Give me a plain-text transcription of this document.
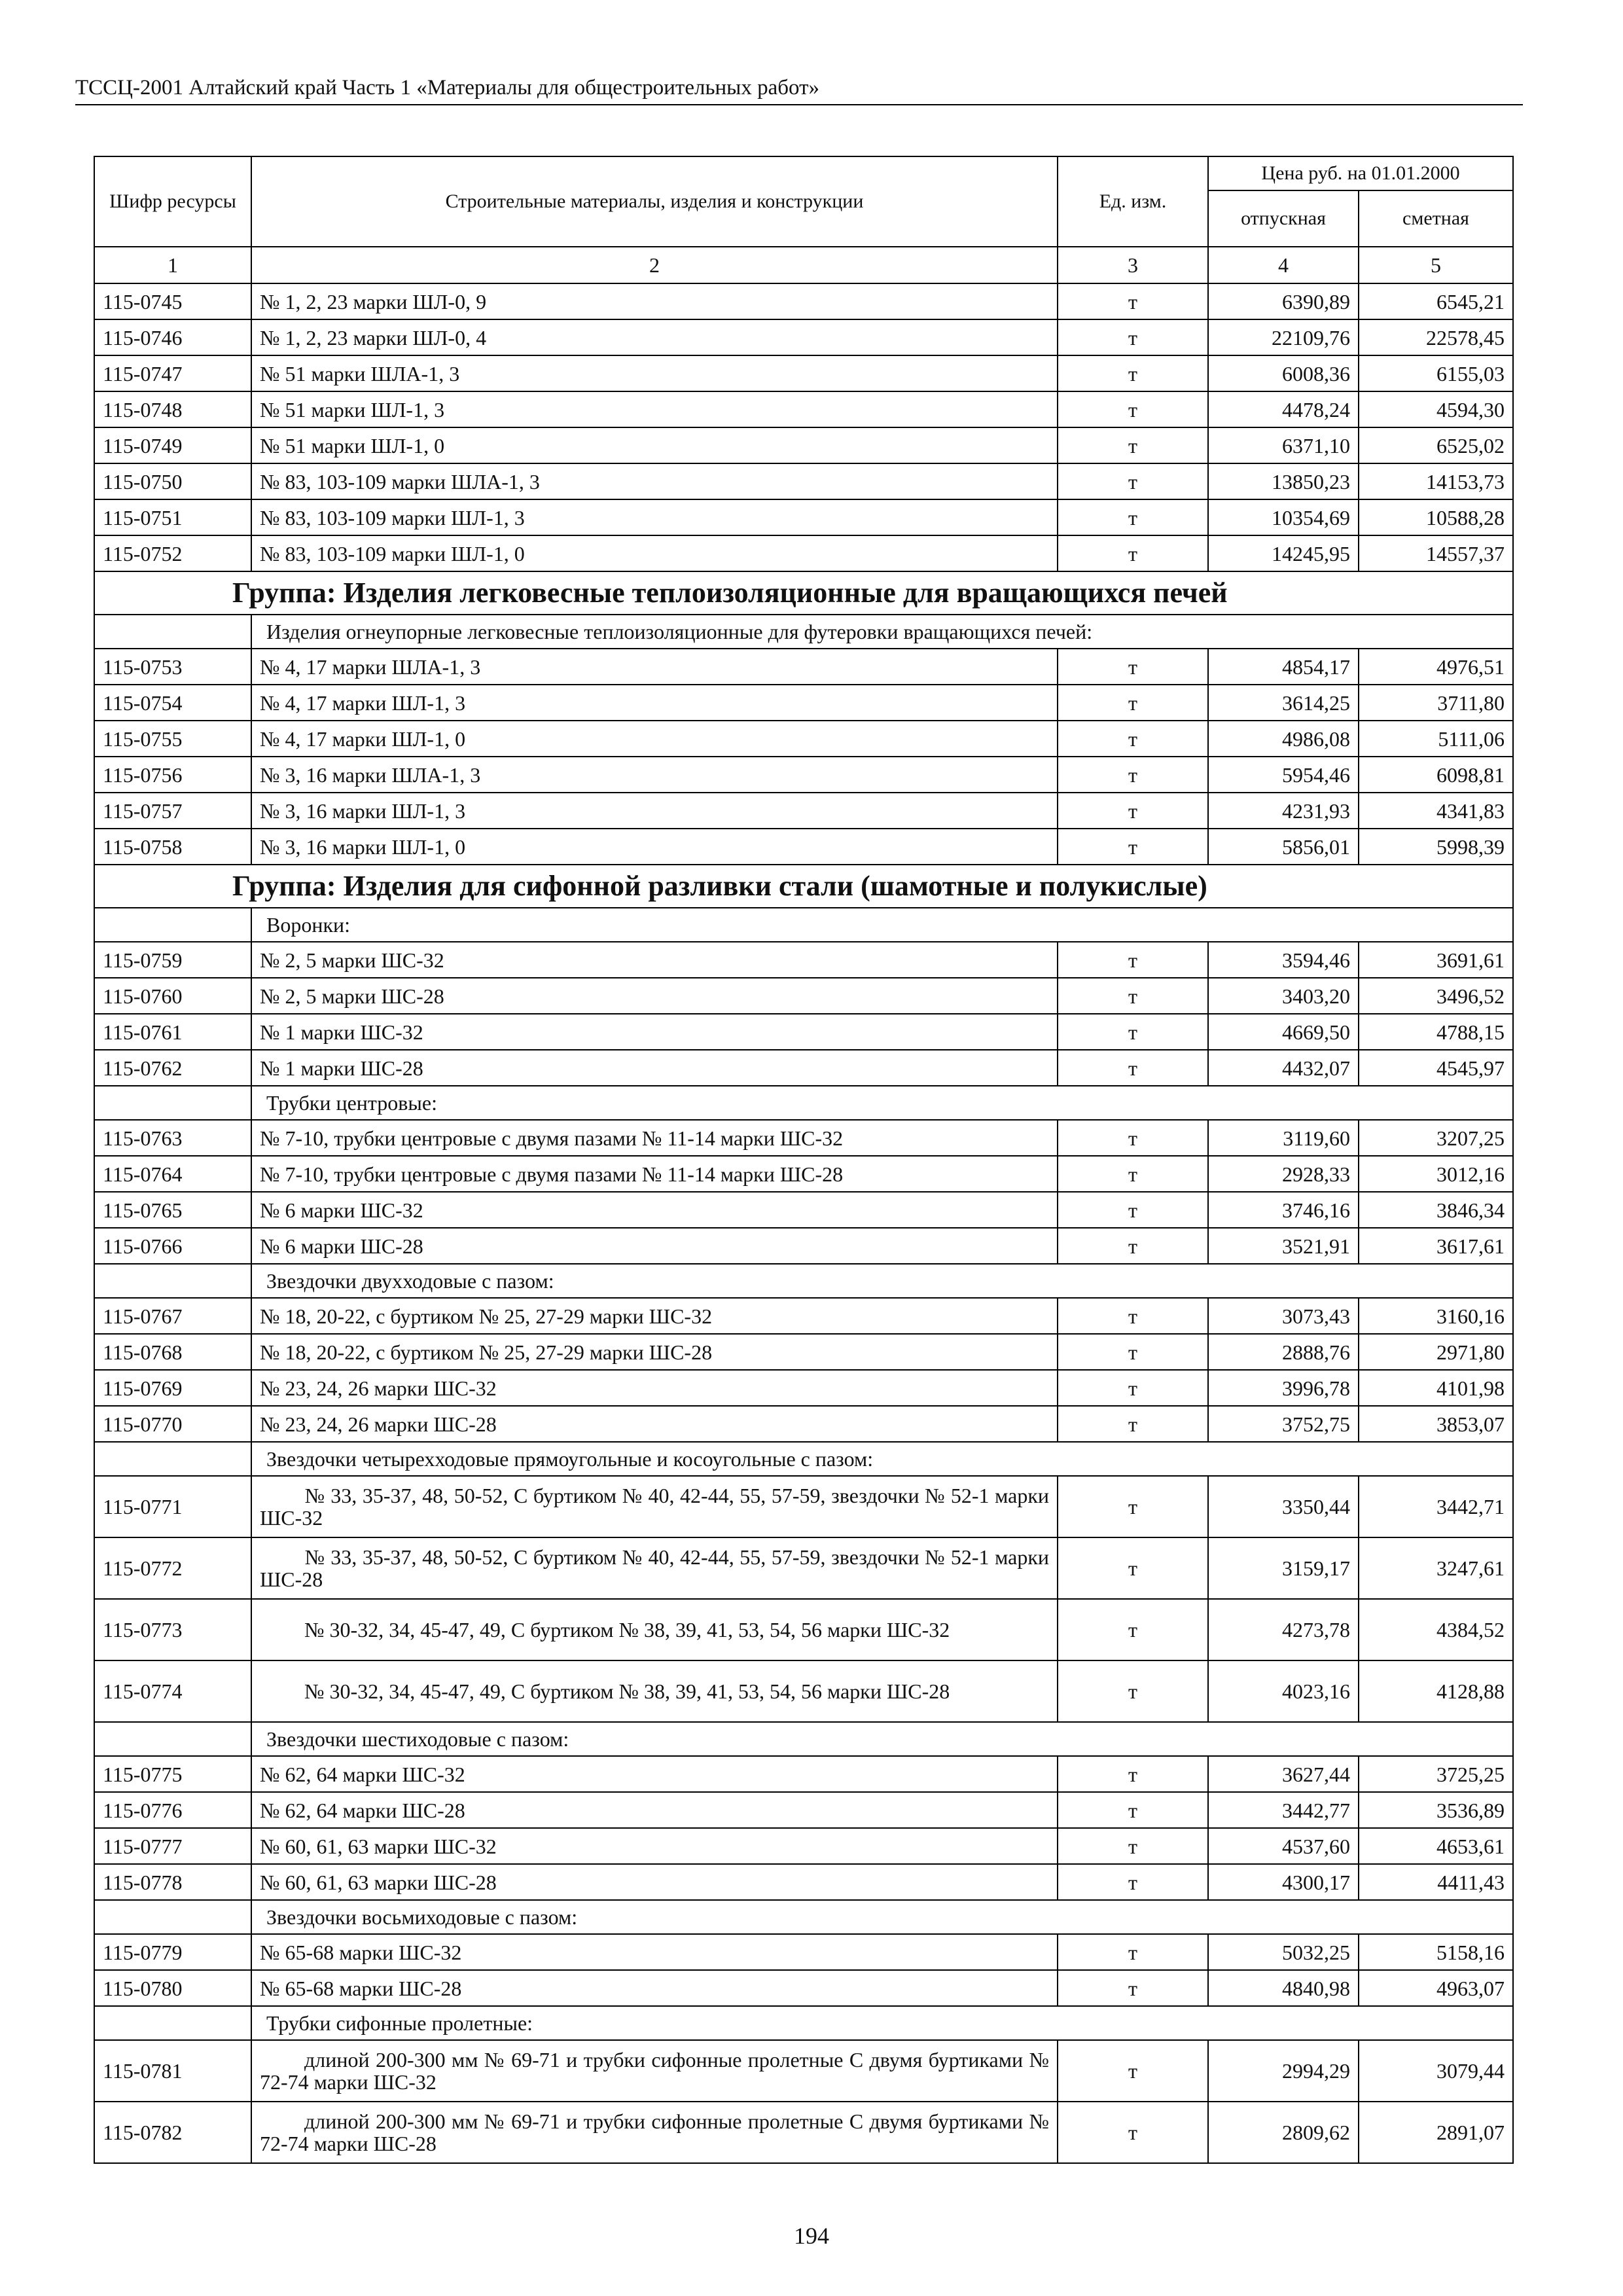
ТССЦ-2001 Алтайский край Часть 1 «Материалы для общестроительных работ»
Шифр ресурсы	Строительные материалы, изделия и конструкции	Ед. изм.	Цена руб. на 01.01.2000	
			отпускная	сметная
1	2	3	4	5
115-0745	№ 1, 2, 23 марки ШЛ-0, 9	т	6390,89	6545,21
115-0746	№ 1, 2, 23 марки ШЛ-0, 4	т	22109,76	22578,45
115-0747	№ 51 марки ШЛА-1, 3	т	6008,36	6155,03
115-0748	№ 51 марки ШЛ-1, 3	т	4478,24	4594,30
115-0749	№ 51 марки ШЛ-1, 0	т	6371,10	6525,02
115-0750	№ 83, 103-109 марки ШЛА-1, 3	т	13850,23	14153,73
115-0751	№ 83, 103-109 марки ШЛ-1, 3	т	10354,69	10588,28
115-0752	№ 83, 103-109 марки ШЛ-1, 0	т	14245,95	14557,37
Группа: Изделия легковесные теплоизоляционные для вращающихся печей				
	Изделия огнеупорные легковесные теплоизоляционные для футеровки вращающихся печей:			
115-0753	№ 4, 17 марки ШЛА-1, 3	т	4854,17	4976,51
115-0754	№ 4, 17 марки ШЛ-1, 3	т	3614,25	3711,80
115-0755	№ 4, 17 марки ШЛ-1, 0	т	4986,08	5111,06
115-0756	№ 3, 16 марки ШЛА-1, 3	т	5954,46	6098,81
115-0757	№ 3, 16 марки ШЛ-1, 3	т	4231,93	4341,83
115-0758	№ 3, 16 марки ШЛ-1, 0	т	5856,01	5998,39
Группа: Изделия для сифонной разливки стали (шамотные и полукислые)				
	Воронки:			
115-0759	№ 2, 5 марки ШС-32	т	3594,46	3691,61
115-0760	№ 2, 5 марки ШС-28	т	3403,20	3496,52
115-0761	№ 1 марки ШС-32	т	4669,50	4788,15
115-0762	№ 1 марки ШС-28	т	4432,07	4545,97
	Трубки центровые:			
115-0763	№ 7-10, трубки центровые с двумя пазами № 11-14 марки ШС-32	т	3119,60	3207,25
115-0764	№ 7-10, трубки центровые с двумя пазами № 11-14 марки ШС-28	т	2928,33	3012,16
115-0765	№ 6 марки ШС-32	т	3746,16	3846,34
115-0766	№ 6 марки ШС-28	т	3521,91	3617,61
	Звездочки двухходовые с пазом:			
115-0767	№ 18, 20-22, с буртиком № 25, 27-29 марки ШС-32	т	3073,43	3160,16
115-0768	№ 18, 20-22, с буртиком № 25, 27-29 марки ШС-28	т	2888,76	2971,80
115-0769	№ 23, 24, 26 марки ШС-32	т	3996,78	4101,98
115-0770	№ 23, 24, 26 марки ШС-28	т	3752,75	3853,07
	Звездочки четырехходовые прямоугольные и косоугольные с пазом:			
115-0771	№ 33, 35-37, 48, 50-52, С буртиком № 40, 42-44, 55, 57-59, звездочки № 52-1 марки ШС-32	т	3350,44	3442,71
115-0772	№ 33, 35-37, 48, 50-52, С буртиком № 40, 42-44, 55, 57-59, звездочки № 52-1 марки ШС-28	т	3159,17	3247,61
115-0773	№ 30-32, 34, 45-47, 49, С буртиком № 38, 39, 41, 53, 54, 56 марки ШС-32	т	4273,78	4384,52
115-0774	№ 30-32, 34, 45-47, 49, С буртиком № 38, 39, 41, 53, 54, 56 марки ШС-28	т	4023,16	4128,88
	Звездочки шестиходовые с пазом:			
115-0775	№ 62, 64 марки ШС-32	т	3627,44	3725,25
115-0776	№ 62, 64 марки ШС-28	т	3442,77	3536,89
115-0777	№ 60, 61, 63 марки ШС-32	т	4537,60	4653,61
115-0778	№ 60, 61, 63 марки ШС-28	т	4300,17	4411,43
	Звездочки восьмиходовые с пазом:			
115-0779	№ 65-68 марки ШС-32	т	5032,25	5158,16
115-0780	№ 65-68 марки ШС-28	т	4840,98	4963,07
	Трубки сифонные пролетные:			
115-0781	длиной 200-300 мм № 69-71 и трубки сифонные пролетные С двумя буртиками № 72-74 марки ШС-32	т	2994,29	3079,44
115-0782	длиной 200-300 мм № 69-71 и трубки сифонные пролетные С двумя буртиками № 72-74 марки ШС-28	т	2809,62	2891,07
194
